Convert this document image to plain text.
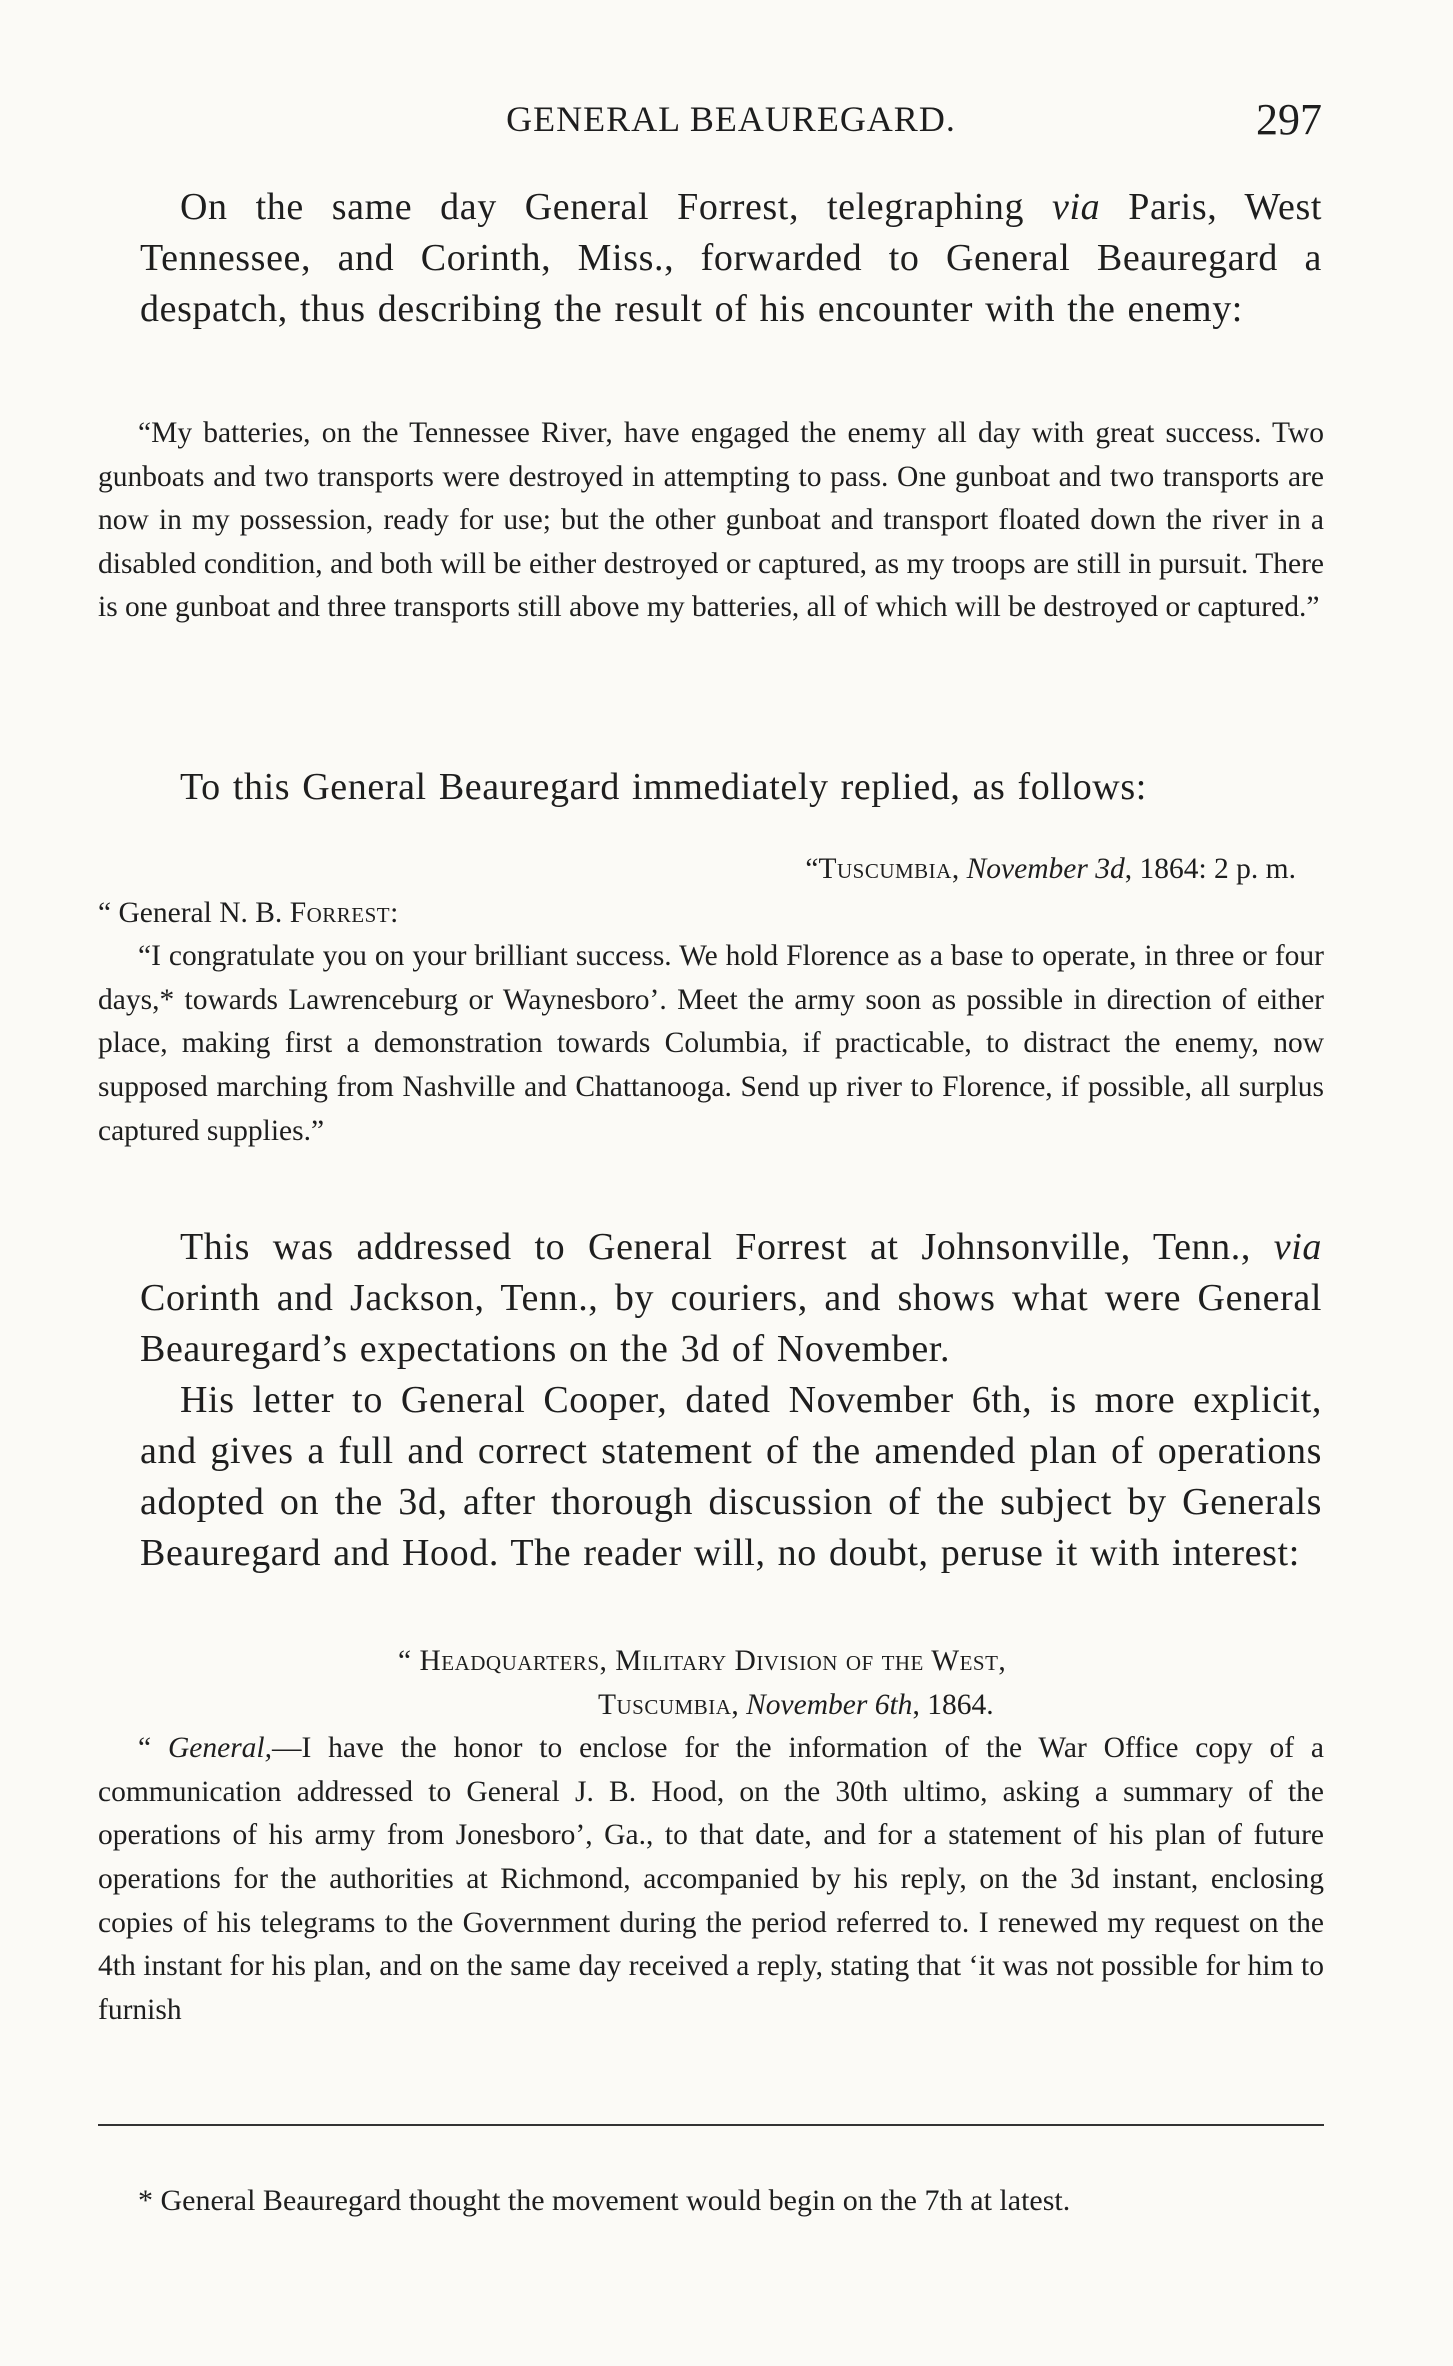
GENERAL BEAUREGARD.	297

On the same day General Forrest, telegraphing via Paris, West Tennessee, and Corinth, Miss., forwarded to General Beauregard a despatch, thus describing the result of his encounter with the enemy:

“My batteries, on the Tennessee River, have engaged the enemy all day with great success. Two gunboats and two transports were destroyed in attempting to pass. One gunboat and two transports are now in my possession, ready for use; but the other gunboat and transport floated down the river in a disabled condition, and both will be either destroyed or captured, as my troops are still in pursuit. There is one gunboat and three transports still above my batteries, all of which will be destroyed or captured.”

To this General Beauregard immediately replied, as follows:

“Tuscumbia, November 3d, 1864: 2 p. m.

“ General N. B. Forrest:

“I congratulate you on your brilliant success. We hold Florence as a base to operate, in three or four days,* towards Lawrenceburg or Waynesboro’. Meet the army soon as possible in direction of either place, making first a demonstration towards Columbia, if practicable, to distract the enemy, now supposed marching from Nashville and Chattanooga. Send up river to Florence, if possible, all surplus captured supplies.”

This was addressed to General Forrest at Johnsonville, Tenn., via Corinth and Jackson, Tenn., by couriers, and shows what were General Beauregard’s expectations on the 3d of November.

His letter to General Cooper, dated November 6th, is more explicit, and gives a full and correct statement of the amended plan of operations adopted on the 3d, after thorough discussion of the subject by Generals Beauregard and Hood. The reader will, no doubt, peruse it with interest:

“ Headquarters, Military Division of the West,

Tuscumbia, November 6th, 1864.

“ General,—I have the honor to enclose for the information of the War Office copy of a communication addressed to General J. B. Hood, on the 30th ultimo, asking a summary of the operations of his army from Jonesboro’, Ga., to that date, and for a statement of his plan of future operations for the authorities at Richmond, accompanied by his reply, on the 3d instant, enclosing copies of his telegrams to the Government during the period referred to. I renewed my request on the 4th instant for his plan, and on the same day received a reply, stating that ‘it was not possible for him to furnish

* General Beauregard thought the movement would begin on the 7th at latest.
